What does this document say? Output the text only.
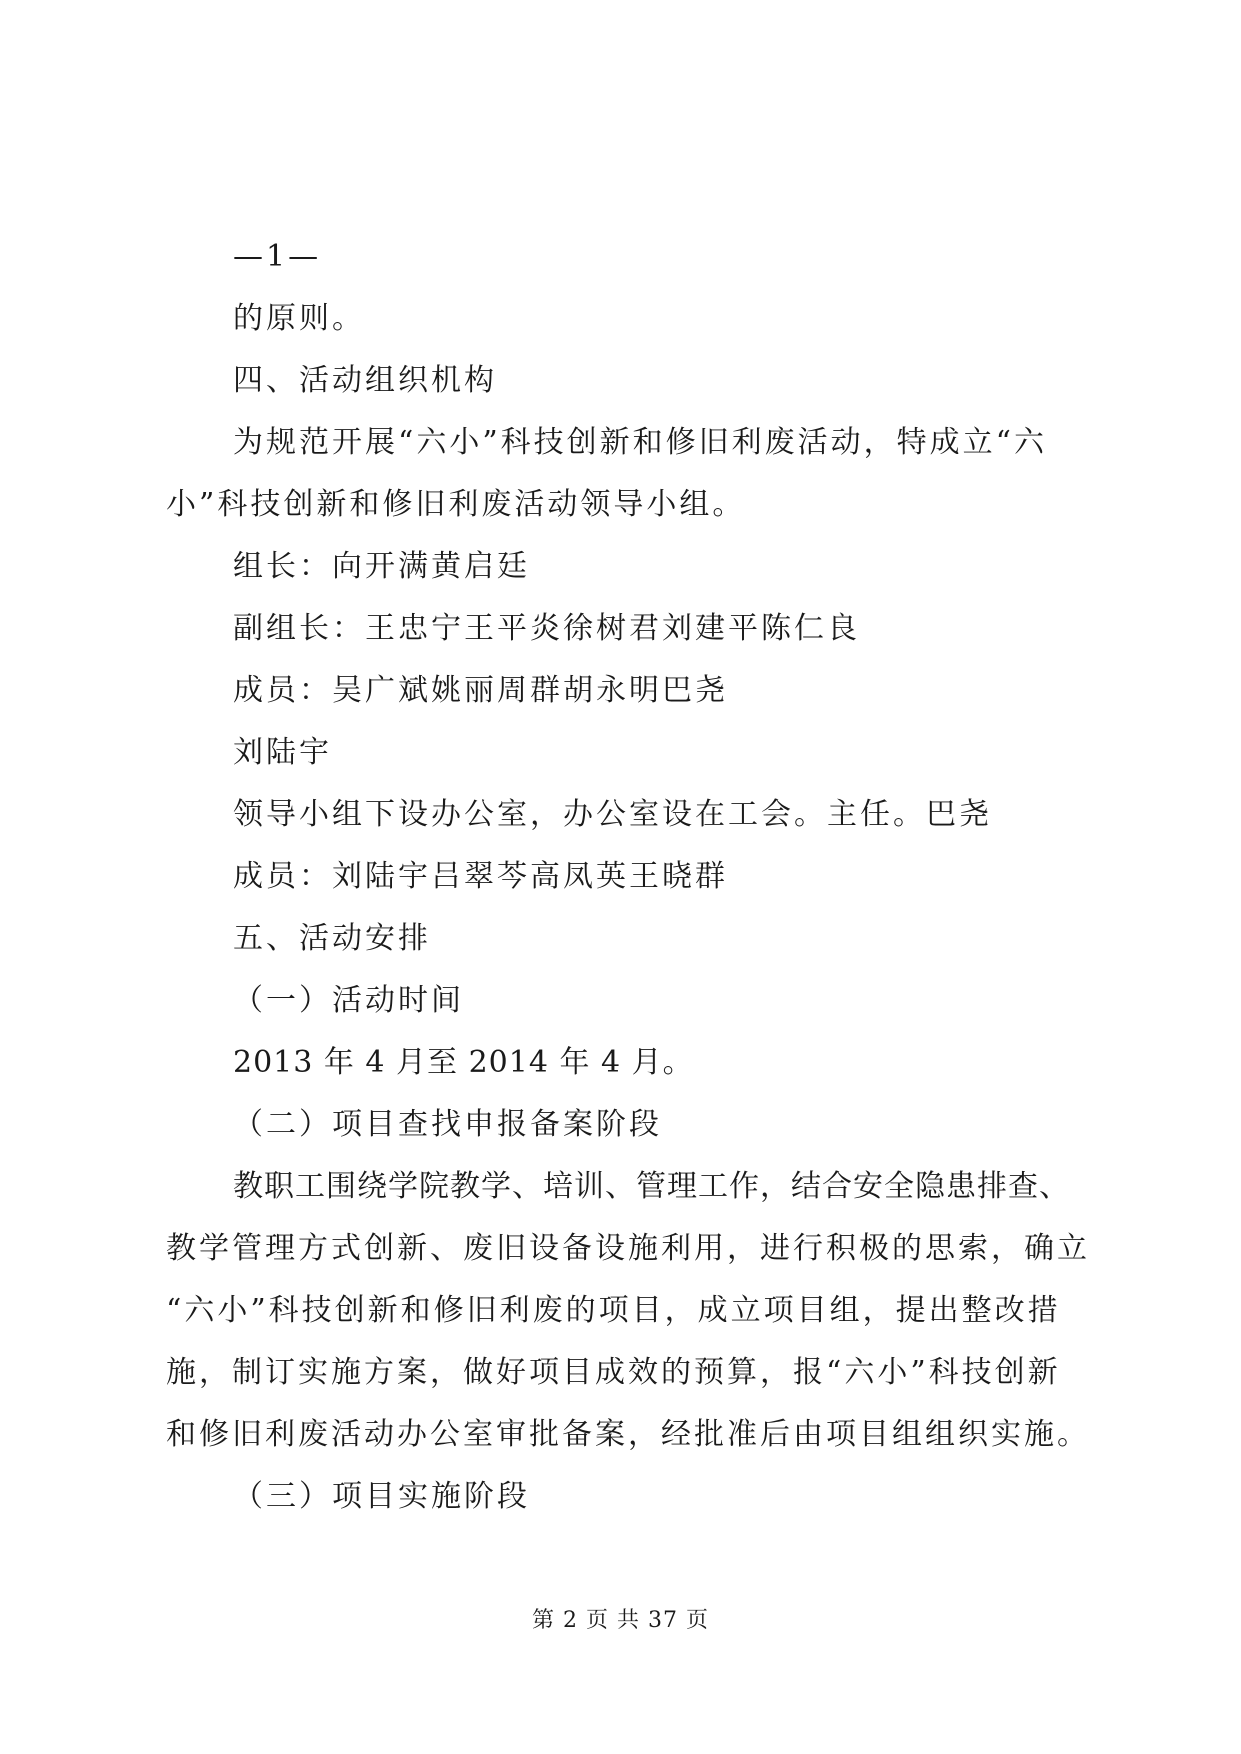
—1—
的原则。
四、活动组织机构
为规范开展“六小”科技创新和修旧利废活动，特成立“六
小”科技创新和修旧利废活动领导小组。
组长：向开满黄启廷
副组长：王忠宁王平炎徐树君刘建平陈仁良
成员：吴广斌姚丽周群胡永明巴尧
刘陆宇
领导小组下设办公室，办公室设在工会。主任。巴尧
成员：刘陆宇吕翠芩高凤英王晓群
五、活动安排
（一）活动时间
2013 年 4 月至 2014 年 4 月。
（二）项目查找申报备案阶段
教职工围绕学院教学、培训、管理工作，结合安全隐患排查、
教学管理方式创新、废旧设备设施利用，进行积极的思索，确立
“六小”科技创新和修旧利废的项目，成立项目组，提出整改措
施，制订实施方案，做好项目成效的预算，报“六小”科技创新
和修旧利废活动办公室审批备案，经批准后由项目组组织实施。
（三）项目实施阶段
第 2 页 共 37 页
